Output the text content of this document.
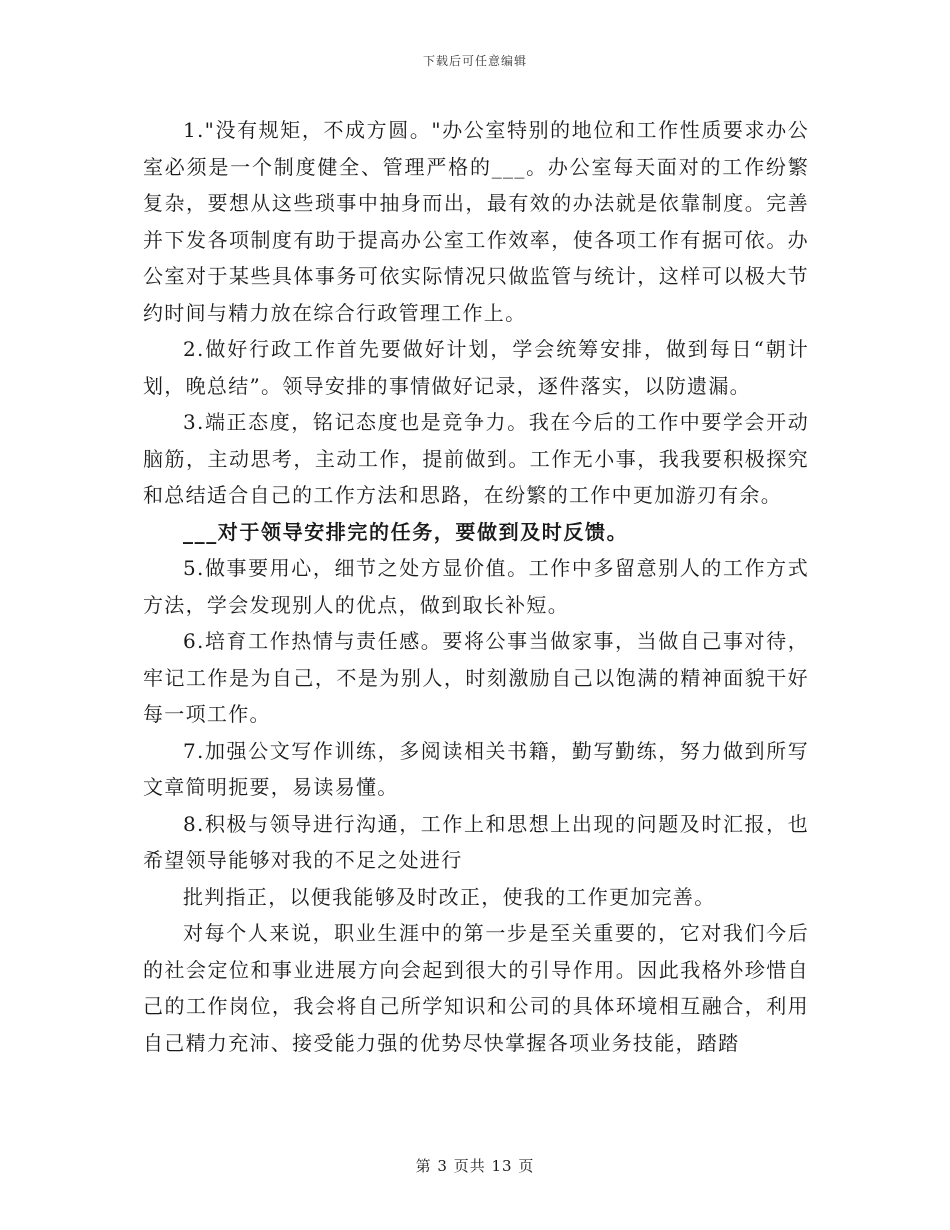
下载后可任意编辑

1."没有规矩，不成方圆。"办公室特别的地位和工作性质要求办公室必须是一个制度健全、管理严格的___。办公室每天面对的工作纷繁复杂，要想从这些琐事中抽身而出，最有效的办法就是依靠制度。完善并下发各项制度有助于提高办公室工作效率，使各项工作有据可依。办公室对于某些具体事务可依实际情况只做监管与统计，这样可以极大节约时间与精力放在综合行政管理工作上。

2.做好行政工作首先要做好计划，学会统筹安排，做到每日“朝计划，晚总结”。领导安排的事情做好记录，逐件落实，以防遗漏。

3.端正态度，铭记态度也是竞争力。我在今后的工作中要学会开动脑筋，主动思考，主动工作，提前做到。工作无小事，我我要积极探究和总结适合自己的工作方法和思路，在纷繁的工作中更加游刃有余。

___对于领导安排完的任务，要做到及时反馈。

5.做事要用心，细节之处方显价值。工作中多留意别人的工作方式方法，学会发现别人的优点，做到取长补短。

6.培育工作热情与责任感。要将公事当做家事，当做自己事对待，牢记工作是为自己，不是为别人，时刻激励自己以饱满的精神面貌干好每一项工作。

7.加强公文写作训练，多阅读相关书籍，勤写勤练，努力做到所写文章简明扼要，易读易懂。

8.积极与领导进行沟通，工作上和思想上出现的问题及时汇报，也希望领导能够对我的不足之处进行

批判指正，以便我能够及时改正，使我的工作更加完善。

对每个人来说，职业生涯中的第一步是至关重要的，它对我们今后的社会定位和事业进展方向会起到很大的引导作用。因此我格外珍惜自己的工作岗位，我会将自己所学知识和公司的具体环境相互融合，利用自己精力充沛、接受能力强的优势尽快掌握各项业务技能，踏踏

第 3 页共 13 页
